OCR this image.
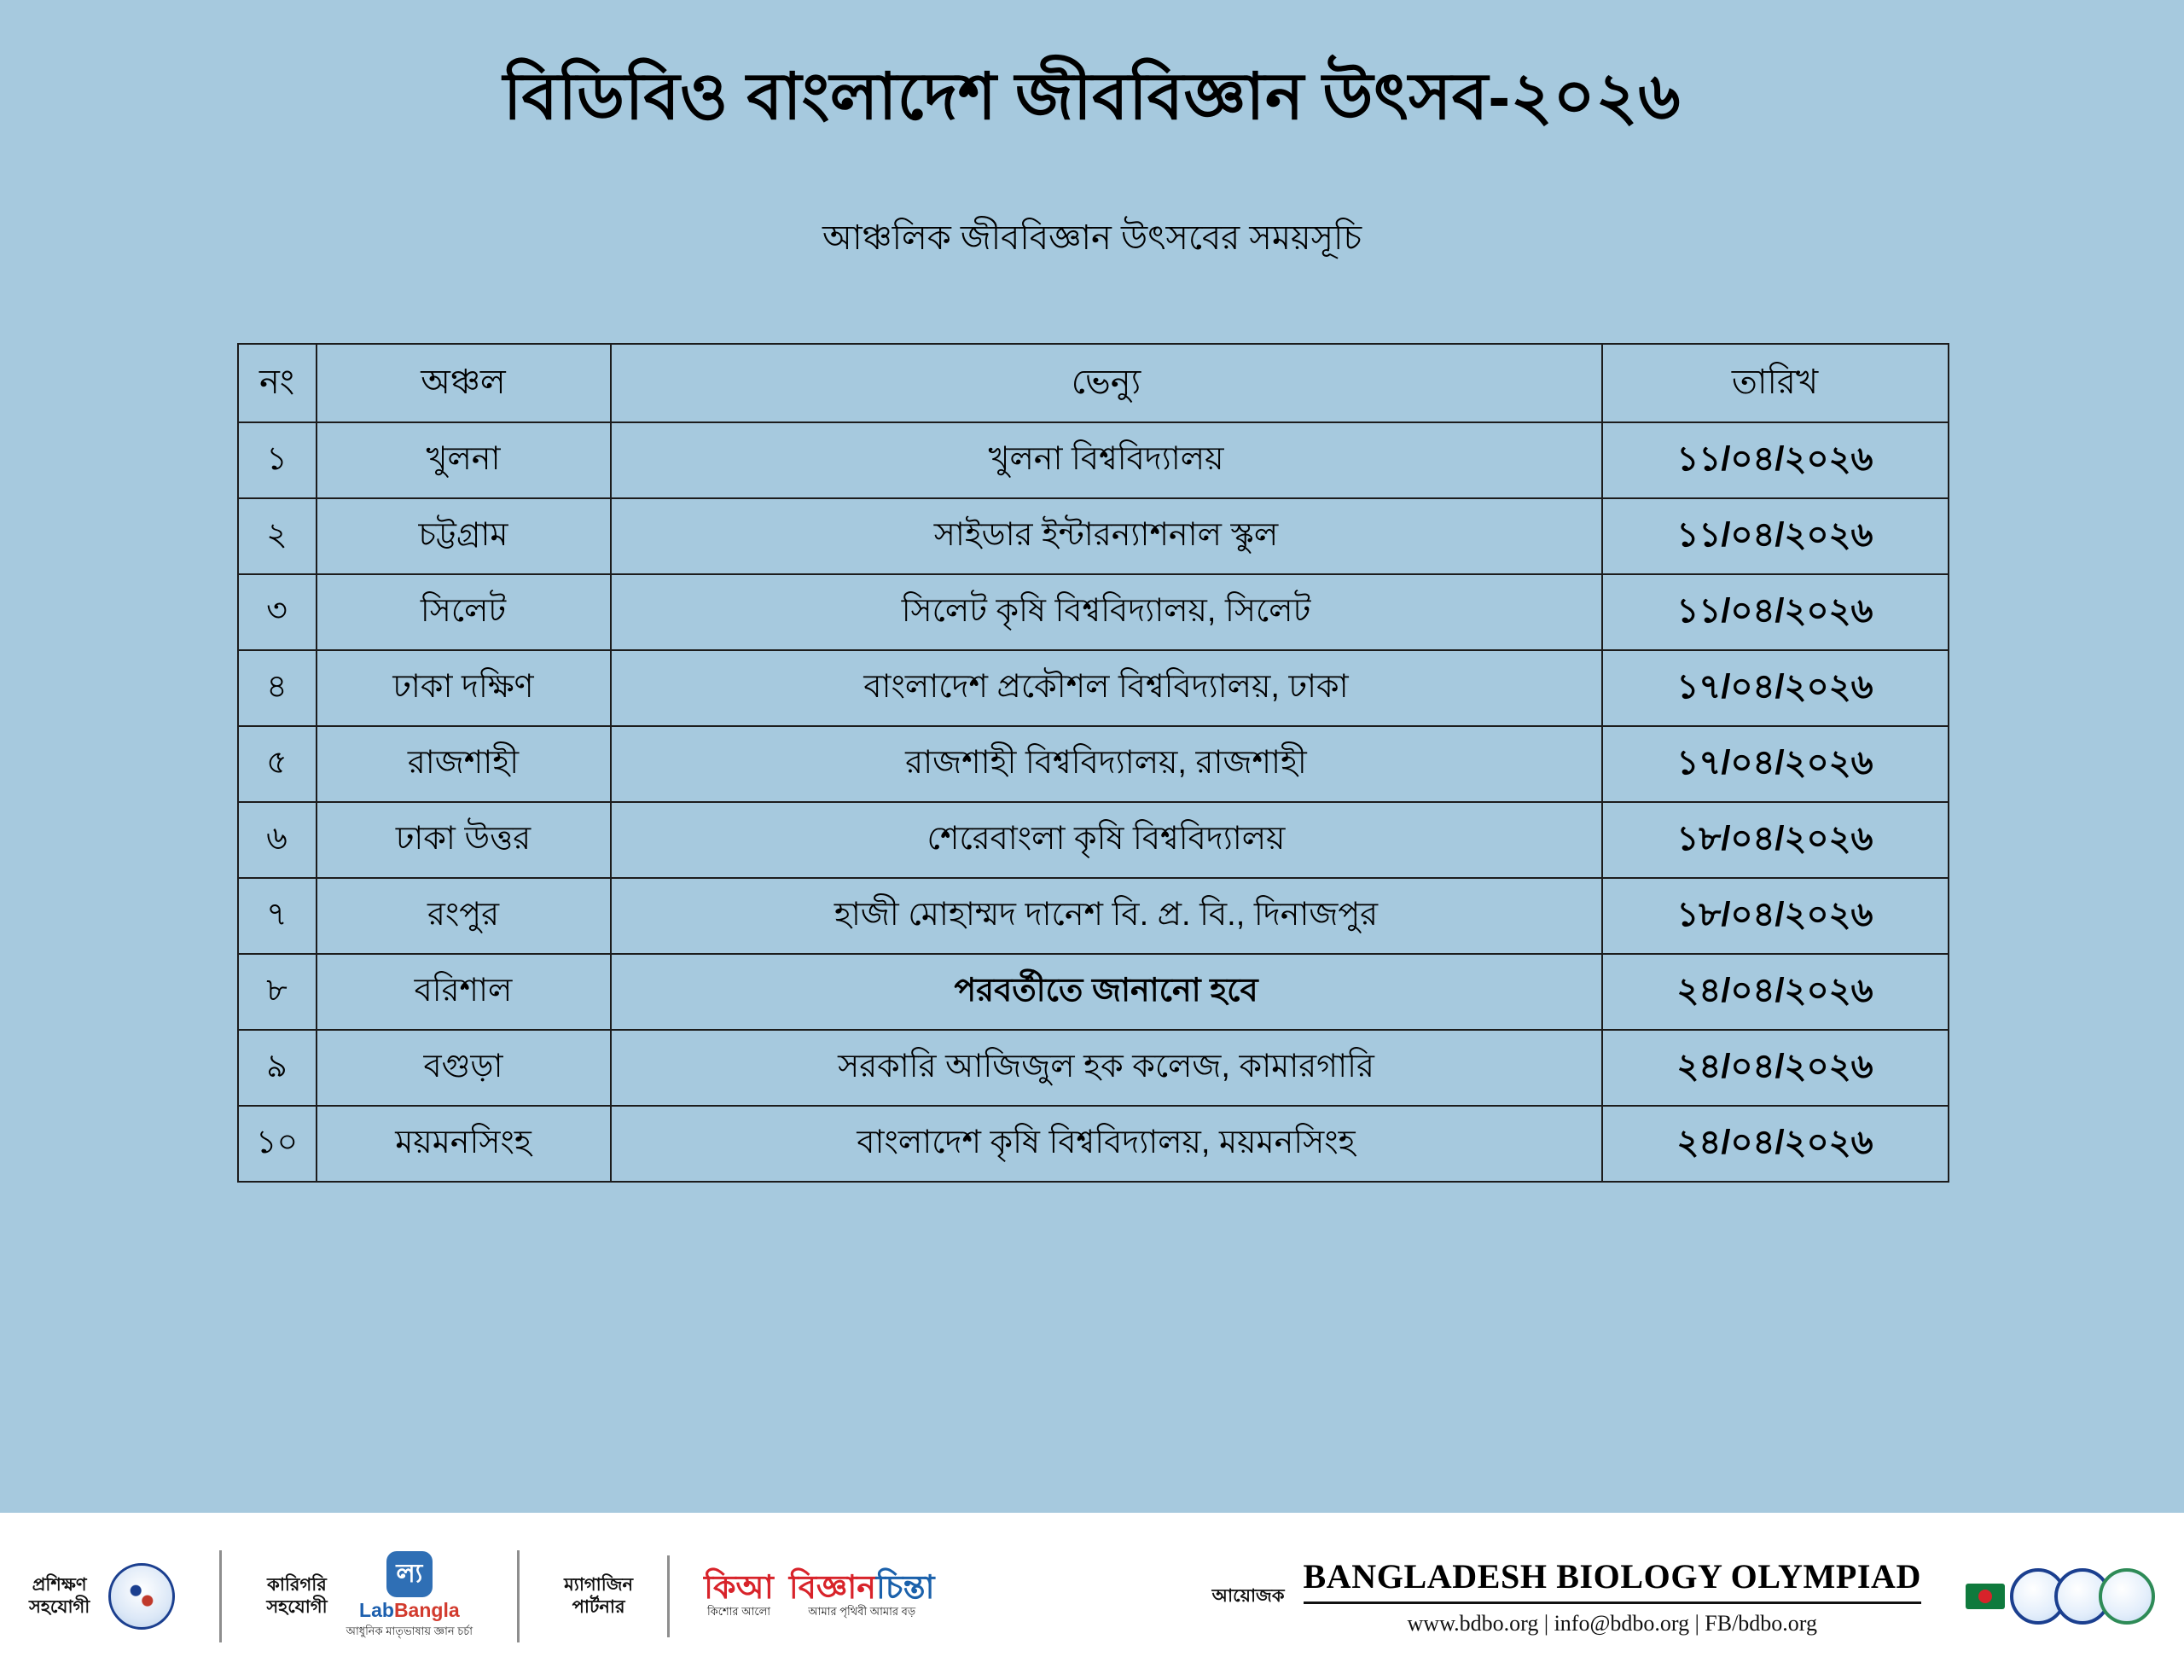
বিডিবিও বাংলাদেশ জীববিজ্ঞান উৎসব-২০২৬
আঞ্চলিক জীববিজ্ঞান উৎসবের সময়সূচি
নং	অঞ্চল	ভেন্যু	তারিখ
১	খুলনা	খুলনা বিশ্ববিদ্যালয়	১১/০৪/২০২৬
২	চট্টগ্রাম	সাইডার ইন্টারন্যাশনাল স্কুল	১১/০৪/২০২৬
৩	সিলেট	সিলেট কৃষি বিশ্ববিদ্যালয়, সিলেট	১১/০৪/২০২৬
৪	ঢাকা দক্ষিণ	বাংলাদেশ প্রকৌশল বিশ্ববিদ্যালয়, ঢাকা	১৭/০৪/২০২৬
৫	রাজশাহী	রাজশাহী বিশ্ববিদ্যালয়, রাজশাহী	১৭/০৪/২০২৬
৬	ঢাকা উত্তর	শেরেবাংলা কৃষি বিশ্ববিদ্যালয়	১৮/০৪/২০২৬
৭	রংপুর	হাজী মোহাম্মদ দানেশ বি. প্র. বি., দিনাজপুর	১৮/০৪/২০২৬
৮	বরিশাল	পরবর্তীতে জানানো হবে	২৪/০৪/২০২৬
৯	বগুড়া	সরকারি আজিজুল হক কলেজ, কামারগারি	২৪/০৪/২০২৬
১০	ময়মনসিংহ	বাংলাদেশ কৃষি বিশ্ববিদ্যালয়, ময়মনসিংহ	২৪/০৪/২০২৬
প্রশিক্ষণ
সহযোগী
কারিগরি
সহযোগী
ল্য
LabBangla
আধুনিক মাতৃভাষায় জ্ঞান চর্চা
ম্যাগাজিন
পার্টনার
কিআ
কিশোর আলো
বিজ্ঞানচিন্তা
আমার পৃথিবী আমার বড়
আয়োজক
BANGLADESH BIOLOGY OLYMPIAD
www.bdbo.org | info@bdbo.org | FB/bdbo.org
